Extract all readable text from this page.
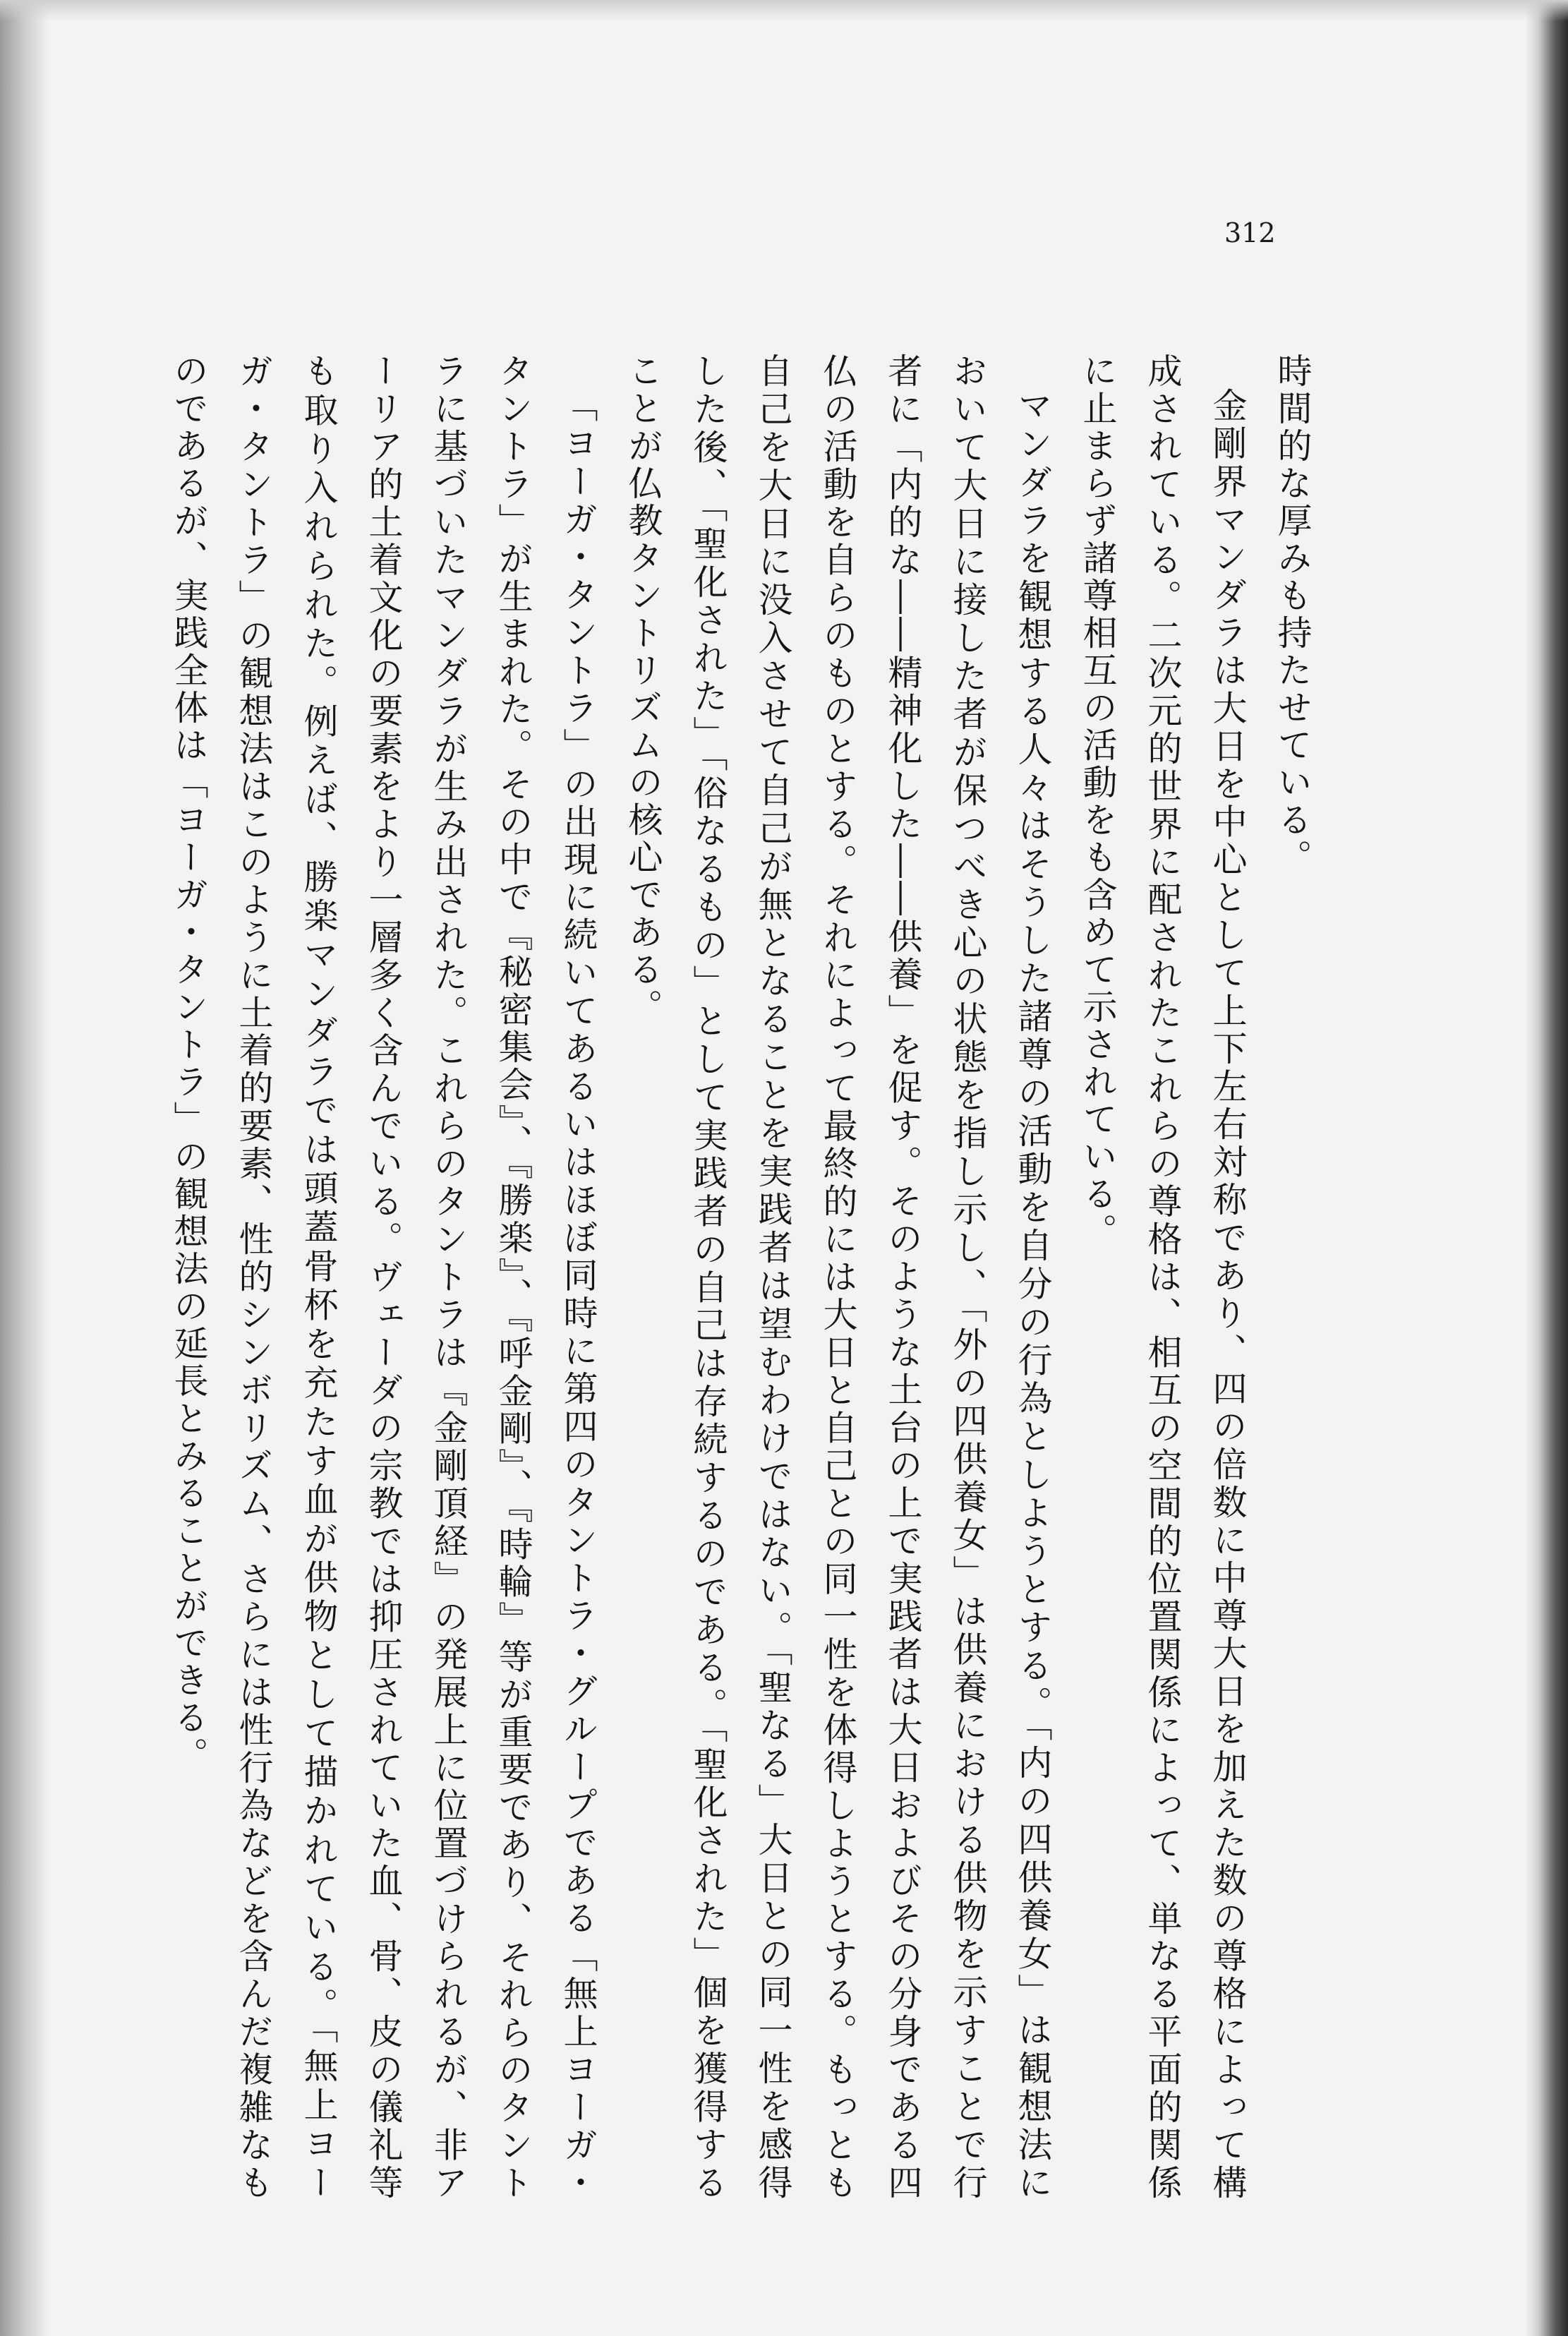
312

時間的な厚みも持たせている。

金剛界マンダラは大日を中心として上下左右対称であり、四の倍数に中尊大日を加えた数の尊格によって構成されている。二次元的世界に配されたこれらの尊格は、相互の空間的位置関係によって、単なる平面的関係に止まらず諸尊相互の活動をも含めて示されている。

マンダラを観想する人々はそうした諸尊の活動を自分の行為としようとする。「内の四供養女」は観想法において大日に接した者が保つべき心の状態を指し示し、「外の四供養女」は供養における供物を示すことで行者に「内的な――精神化した――供養」を促す。そのような土台の上で実践者は大日およびその分身である四仏の活動を自らのものとする。それによって最終的には大日と自己との同一性を体得しようとする。もっとも自己を大日に没入させて自己が無となることを実践者は望むわけではない。「聖なる」大日との同一性を感得した後、「聖化された」「俗なるもの」として実践者の自己は存続するのである。「聖化された」個を獲得することが仏教タントリズムの核心である。

「ヨーガ・タントラ」の出現に続いてあるいはほぼ同時に第四のタントラ・グループである「無上ヨーガ・タントラ」が生まれた。その中で『秘密集会』、『勝楽』、『呼金剛』、『時輪』等が重要であり、それらのタントラに基づいたマンダラが生み出された。これらのタントラは『金剛頂経』の発展上に位置づけられるが、非アーリア的土着文化の要素をより一層多く含んでいる。ヴェーダの宗教では抑圧されていた血、骨、皮の儀礼等も取り入れられた。例えば、勝楽マンダラでは頭蓋骨杯を充たす血が供物として描かれている。「無上ヨーガ・タントラ」の観想法はこのように土着的要素、性的シンボリズム、さらには性行為などを含んだ複雑なものであるが、実践全体は「ヨーガ・タントラ」の観想法の延長とみることができる。
